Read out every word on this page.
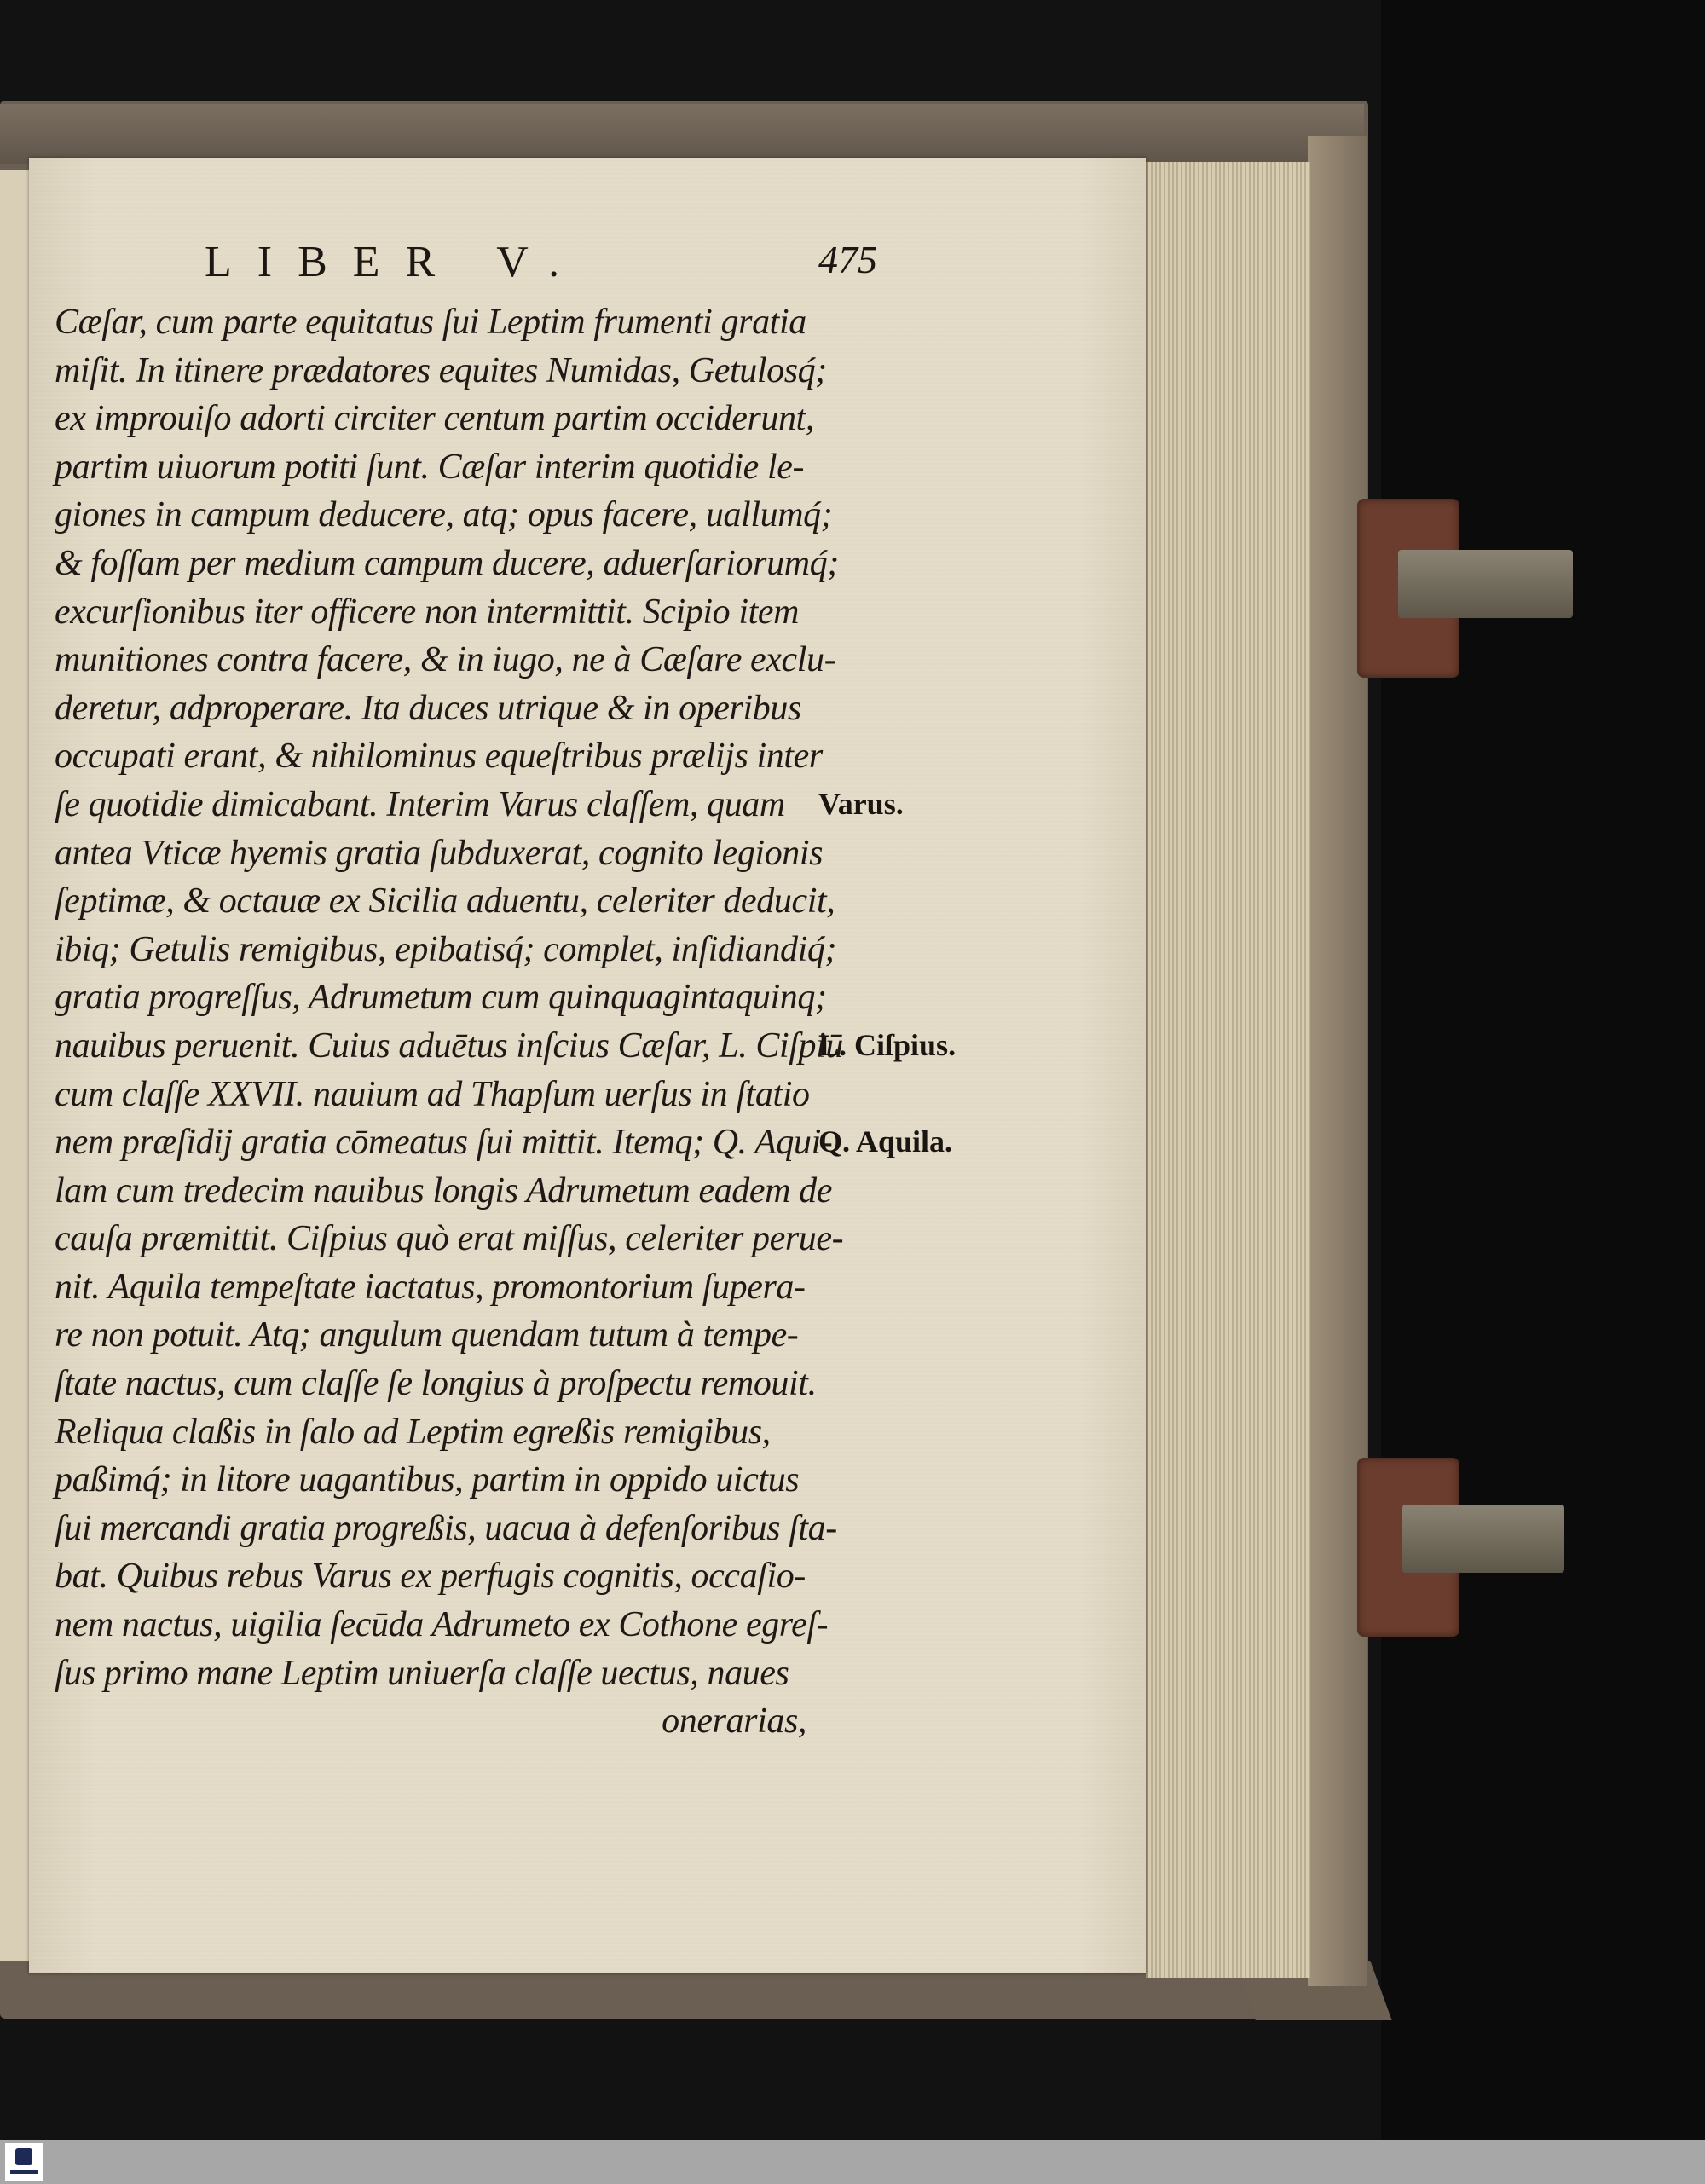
LIBER V.	475
Cæſar, cum parte equitatus ſui Leptim frumenti gratia
miſit. In itinere prædatores equites Numidas, Getulosq́;
ex improuiſo adorti circiter centum partim occiderunt,
partim uiuorum potiti ſunt. Cæſar interim quotidie le-
giones in campum deducere, atq; opus facere, uallumq́;
& foſſam per medium campum ducere, aduerſariorumq́;
excurſionibus iter officere non intermittit. Scipio item
munitiones contra facere, & in iugo, ne à Cæſare exclu-
deretur, adproperare. Ita duces utrique & in operibus
occupati erant, & nihilominus equeſtribus prælijs inter
ſe quotidie dimicabant. Interim Varus claſſem, quam
antea Vticæ hyemis gratia ſubduxerat, cognito legionis
ſeptimæ, & octauæ ex Sicilia aduentu, celeriter deducit,
ibiq; Getulis remigibus, epibatisq́; complet, inſidiandiq́;
gratia progreſſus, Adrumetum cum quinquagintaquinq;
nauibus peruenit. Cuius aduētus inſcius Cæſar, L. Ciſpiū
cum claſſe XXVII. nauium ad Thapſum uerſus in ſtatio
nem præſidij gratia cōmeatus ſui mittit. Itemq; Q. Aqui-
lam cum tredecim nauibus longis Adrumetum eadem de
cauſa præmittit. Ciſpius quò erat miſſus, celeriter perue-
nit. Aquila tempeſtate iactatus, promontorium ſupera-
re non potuit. Atq; angulum quendam tutum à tempe-
ſtate nactus, cum claſſe ſe longius à proſpectu remouit.
Reliqua claßis in ſalo ad Leptim egreßis remigibus,
paßimq́; in litore uagantibus, partim in oppido uictus
ſui mercandi gratia progreßis, uacua à defenſoribus ſta-
bat. Quibus rebus Varus ex perfugis cognitis, occaſio-
nem nactus, uigilia ſecūda Adrumeto ex Cothone egreſ-
ſus primo mane Leptim uniuerſa claſſe uectus, naues
onerarias,
Varus.
L. Ciſpius.
Q. Aquila.
